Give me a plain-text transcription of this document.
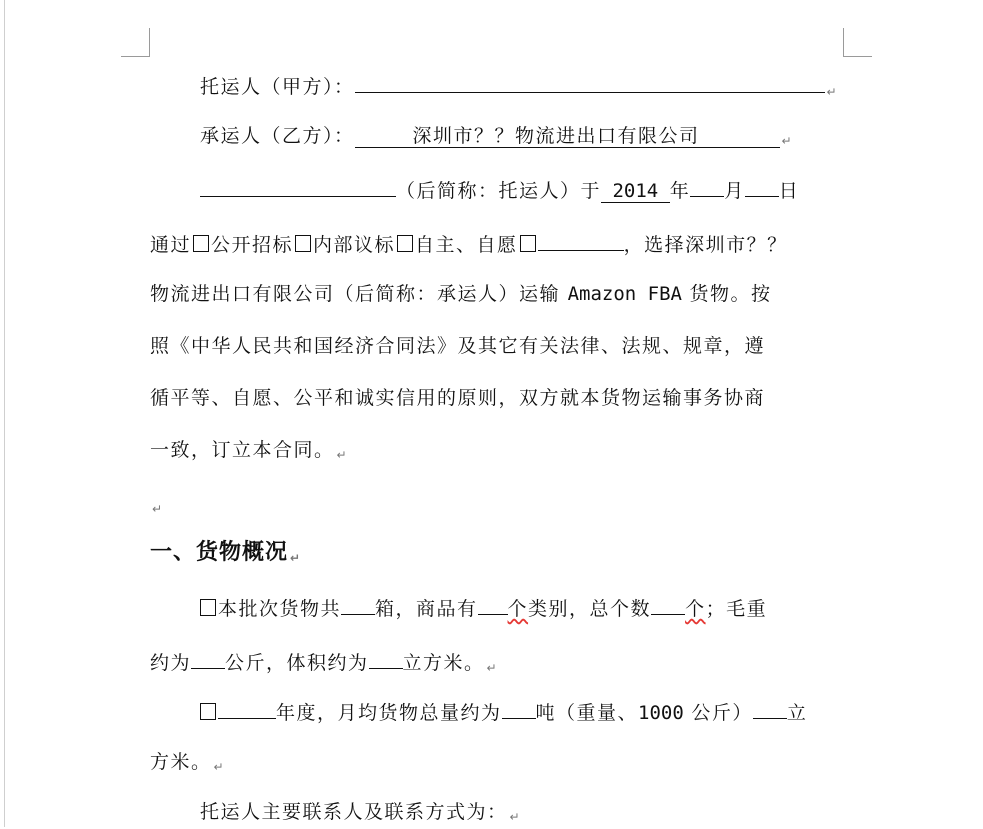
托运人（甲方）：	↵
承运人（乙方）：	深圳市？？物流进出口有限公司	↵
（后简称：托运人）于 2014 年 月 日
通过 公开招标 内部议标 自主、自愿	，选择深圳市？？
物流进出口有限公司（后简称：承运人）运输 Amazon FBA 货物。按
照《中华人民共和国经济合同法》及其它有关法律、法规、规章，遵
循平等、自愿、公平和诚实信用的原则，双方就本货物运输事务协商
一致，订立本合同。 ↵
↵
一、货物概况 ↵
本批次货物共 箱，商品有 个类别，总个数 个；毛重
约为 公斤，体积约为 立方米。 ↵
年度，月均货物总量约为 吨（重量、1000 公斤） 立
方米。 ↵
托运人主要联系人及联系方式为： ↵
